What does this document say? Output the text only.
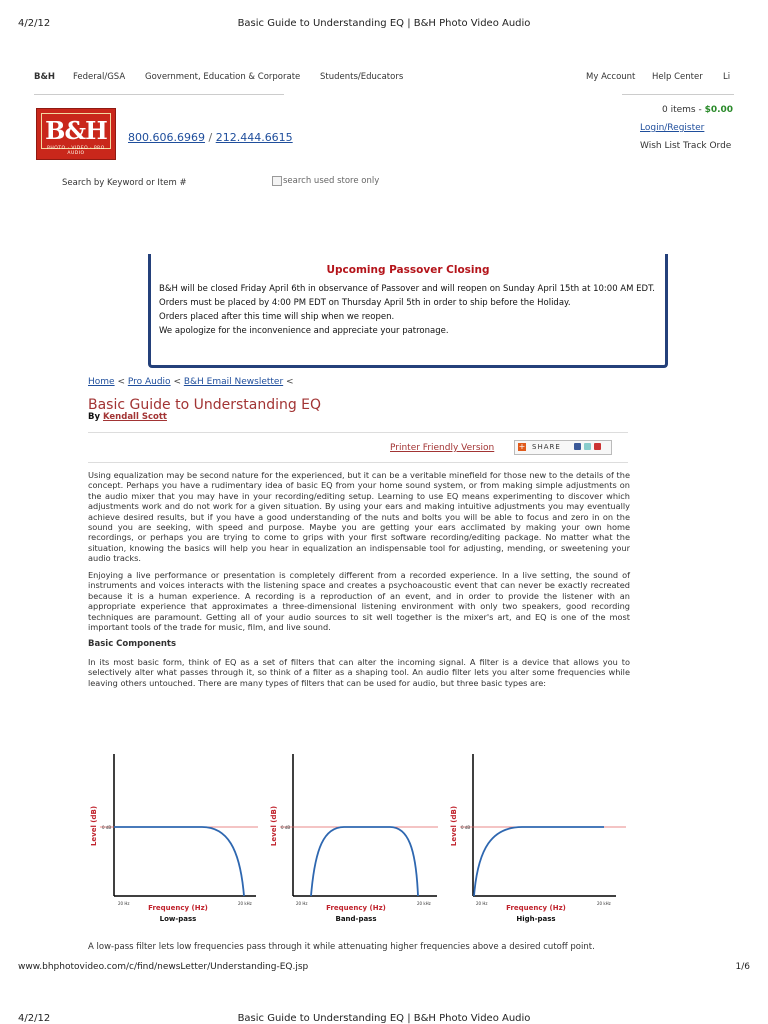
4/2/12	Basic Guide to Understanding EQ | B&H Photo Video Audio
B&H Federal/GSA Government, Education & Corporate Students/Educators	My Account Help Center Li
B&H
PHOTO · VIDEO · PRO AUDIO
800.606.6969 / 212.444.6615
0 items - $0.00
Login/Register
Wish List Track Orde
Search by Keyword or Item #	search used store only
Upcoming Passover Closing
B&H will be closed Friday April 6th in observance of Passover and will reopen on Sunday April 15th at 10:00 AM EDT.
Orders must be placed by 4:00 PM EDT on Thursday April 5th in order to ship before the Holiday.
Orders placed after this time will ship when we reopen.
We apologize for the inconvenience and appreciate your patronage.
Home < Pro Audio < B&H Email Newsletter <
Basic Guide to Understanding EQ
By Kendall Scott
Printer Friendly Version	+ SHARE

Using equalization may be second nature for the experienced, but it can be a veritable minefield for those new to the details of the concept. Perhaps you have a rudimentary idea of basic EQ from your home sound system, or from making simple adjustments on the audio mixer that you may have in your recording/editing setup. Learning to use EQ means experimenting to discover which adjustments work and do not work for a given situation. By using your ears and making intuitive adjustments you may eventually achieve desired results, but if you have a good understanding of the nuts and bolts you will be able to focus and zero in on the sound you are seeking, with speed and purpose. Maybe you are getting your ears acclimated by making your own home recordings, or perhaps you are trying to come to grips with your first software recording/editing package. No matter what the situation, knowing the basics will help you hear in equalization an indispensable tool for adjusting, mending, or sweetening your audio tracks.

Enjoying a live performance or presentation is completely different from a recorded experience. In a live setting, the sound of instruments and voices interacts with the listening space and creates a psychoacoustic event that can never be exactly recreated because it is a human experience. A recording is a reproduction of an event, and in order to provide the listener with an appropriate experience that approximates a three-dimensional listening environment with only two speakers, good recording techniques are paramount. Getting all of your audio sources to sit well together is the mixer's art, and EQ is one of the most important tools of the trade for music, film, and live sound.

Basic Components

In its most basic form, think of EQ as a set of filters that can alter the incoming signal. A filter is a device that allows you to selectively alter what passes through it, so think of a filter as a shaping tool. An audio filter lets you alter some frequencies while leaving others untouched. There are many types of filters that can be used for audio, but three basic types are:

Level (dB) 0 dB
20 Hz	20 kHz
Frequency (Hz)
Low-pass
Level (dB) 0 dB
20 Hz	20 kHz
Frequency (Hz)
Band-pass
Level (dB) 0 dB
20 Hz	20 kHz
Frequency (Hz)
High-pass
A low-pass filter lets low frequencies pass through it while attenuating higher frequencies above a desired cutoff point.
www.bhphotovideo.com/c/find/newsLetter/Understanding-EQ.jsp	1/6
4/2/12	Basic Guide to Understanding EQ | B&H Photo Video Audio
